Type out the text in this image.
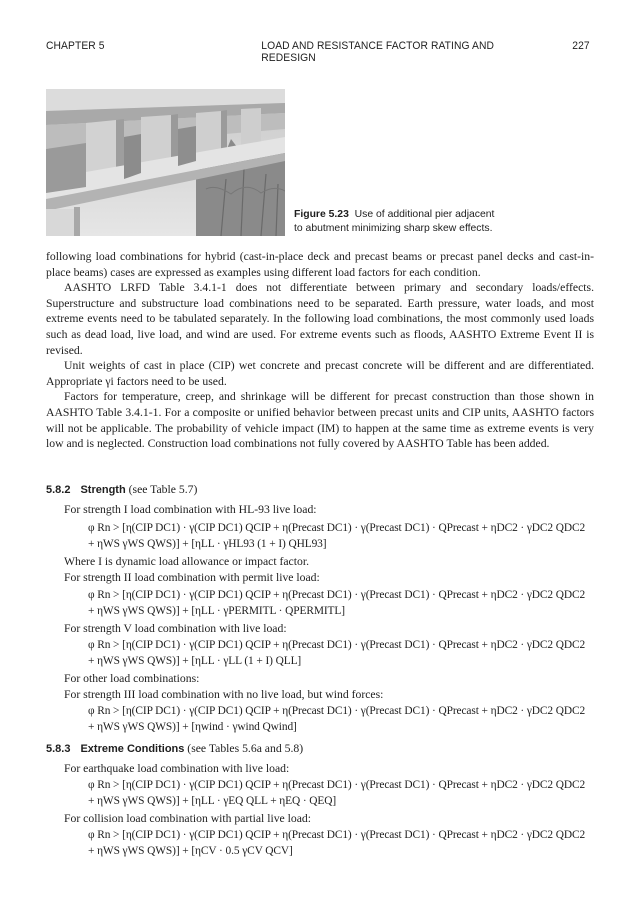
CHAPTER 5	LOAD AND RESISTANCE FACTOR RATING AND REDESIGN
227
Figure 5.23 Use of additional pier adjacent
to abutment minimizing sharp skew effects.

following load combinations for hybrid (cast-in-place deck and precast beams or precast panel decks and cast-in-place beams) cases are expressed as examples using different load factors for each condition.

AASHTO LRFD Table 3.4.1-1 does not differentiate between primary and secondary loads/effects. Superstructure and substructure load combinations need to be separated. Earth pressure, water loads, and most extreme events need to be tabulated separately. In the following load combinations, the most commonly used loads such as dead load, live load, and wind are used. For extreme events such as floods, AASHTO Extreme Event II is revised.

Unit weights of cast in place (CIP) wet concrete and precast concrete will be different and are differentiated. Appropriate γi factors need to be used.

Factors for temperature, creep, and shrinkage will be different for precast construction than those shown in AASHTO Table 3.4.1-1. For a composite or unified behavior between precast units and CIP units, AASHTO factors will not be applicable. The probability of vehicle impact (IM) to happen at the same time as extreme events is very low and is neglected. Construction load combinations not fully covered by AASHTO Table has been added.

5.8.2 Strength (see Table 5.7)
For strength I load combination with HL-93 live load:
φ Rn > [η(CIP DC1) · γ(CIP DC1) QCIP + η(Precast DC1) · γ(Precast DC1) · QPrecast + ηDC2 · γDC2 QDC2
+ ηWS γWS QWS)] + [ηLL · γHL93 (1 + I) QHL93]
Where I is dynamic load allowance or impact factor.
For strength II load combination with permit live load:
φ Rn > [η(CIP DC1) · γ(CIP DC1) QCIP + η(Precast DC1) · γ(Precast DC1) · QPrecast + ηDC2 · γDC2 QDC2
+ ηWS γWS QWS)] + [ηLL · γPERMITL · QPERMITL]
For strength V load combination with live load:
φ Rn > [η(CIP DC1) · γ(CIP DC1) QCIP + η(Precast DC1) · γ(Precast DC1) · QPrecast + ηDC2 · γDC2 QDC2
+ ηWS γWS QWS)] + [ηLL · γLL (1 + I) QLL]
For other load combinations:
For strength III load combination with no live load, but wind forces:
φ Rn > [η(CIP DC1) · γ(CIP DC1) QCIP + η(Precast DC1) · γ(Precast DC1) · QPrecast + ηDC2 · γDC2 QDC2
+ ηWS γWS QWS)] + [ηwind · γwind Qwind]
5.8.3 Extreme Conditions (see Tables 5.6a and 5.8)
For earthquake load combination with live load:
φ Rn > [η(CIP DC1) · γ(CIP DC1) QCIP + η(Precast DC1) · γ(Precast DC1) · QPrecast + ηDC2 · γDC2 QDC2
+ ηWS γWS QWS)] + [ηLL · γEQ QLL + ηEQ · QEQ]
For collision load combination with partial live load:
φ Rn > [η(CIP DC1) · γ(CIP DC1) QCIP + η(Precast DC1) · γ(Precast DC1) · QPrecast + ηDC2 · γDC2 QDC2
+ ηWS γWS QWS)] + [ηCV · 0.5 γCV QCV]
